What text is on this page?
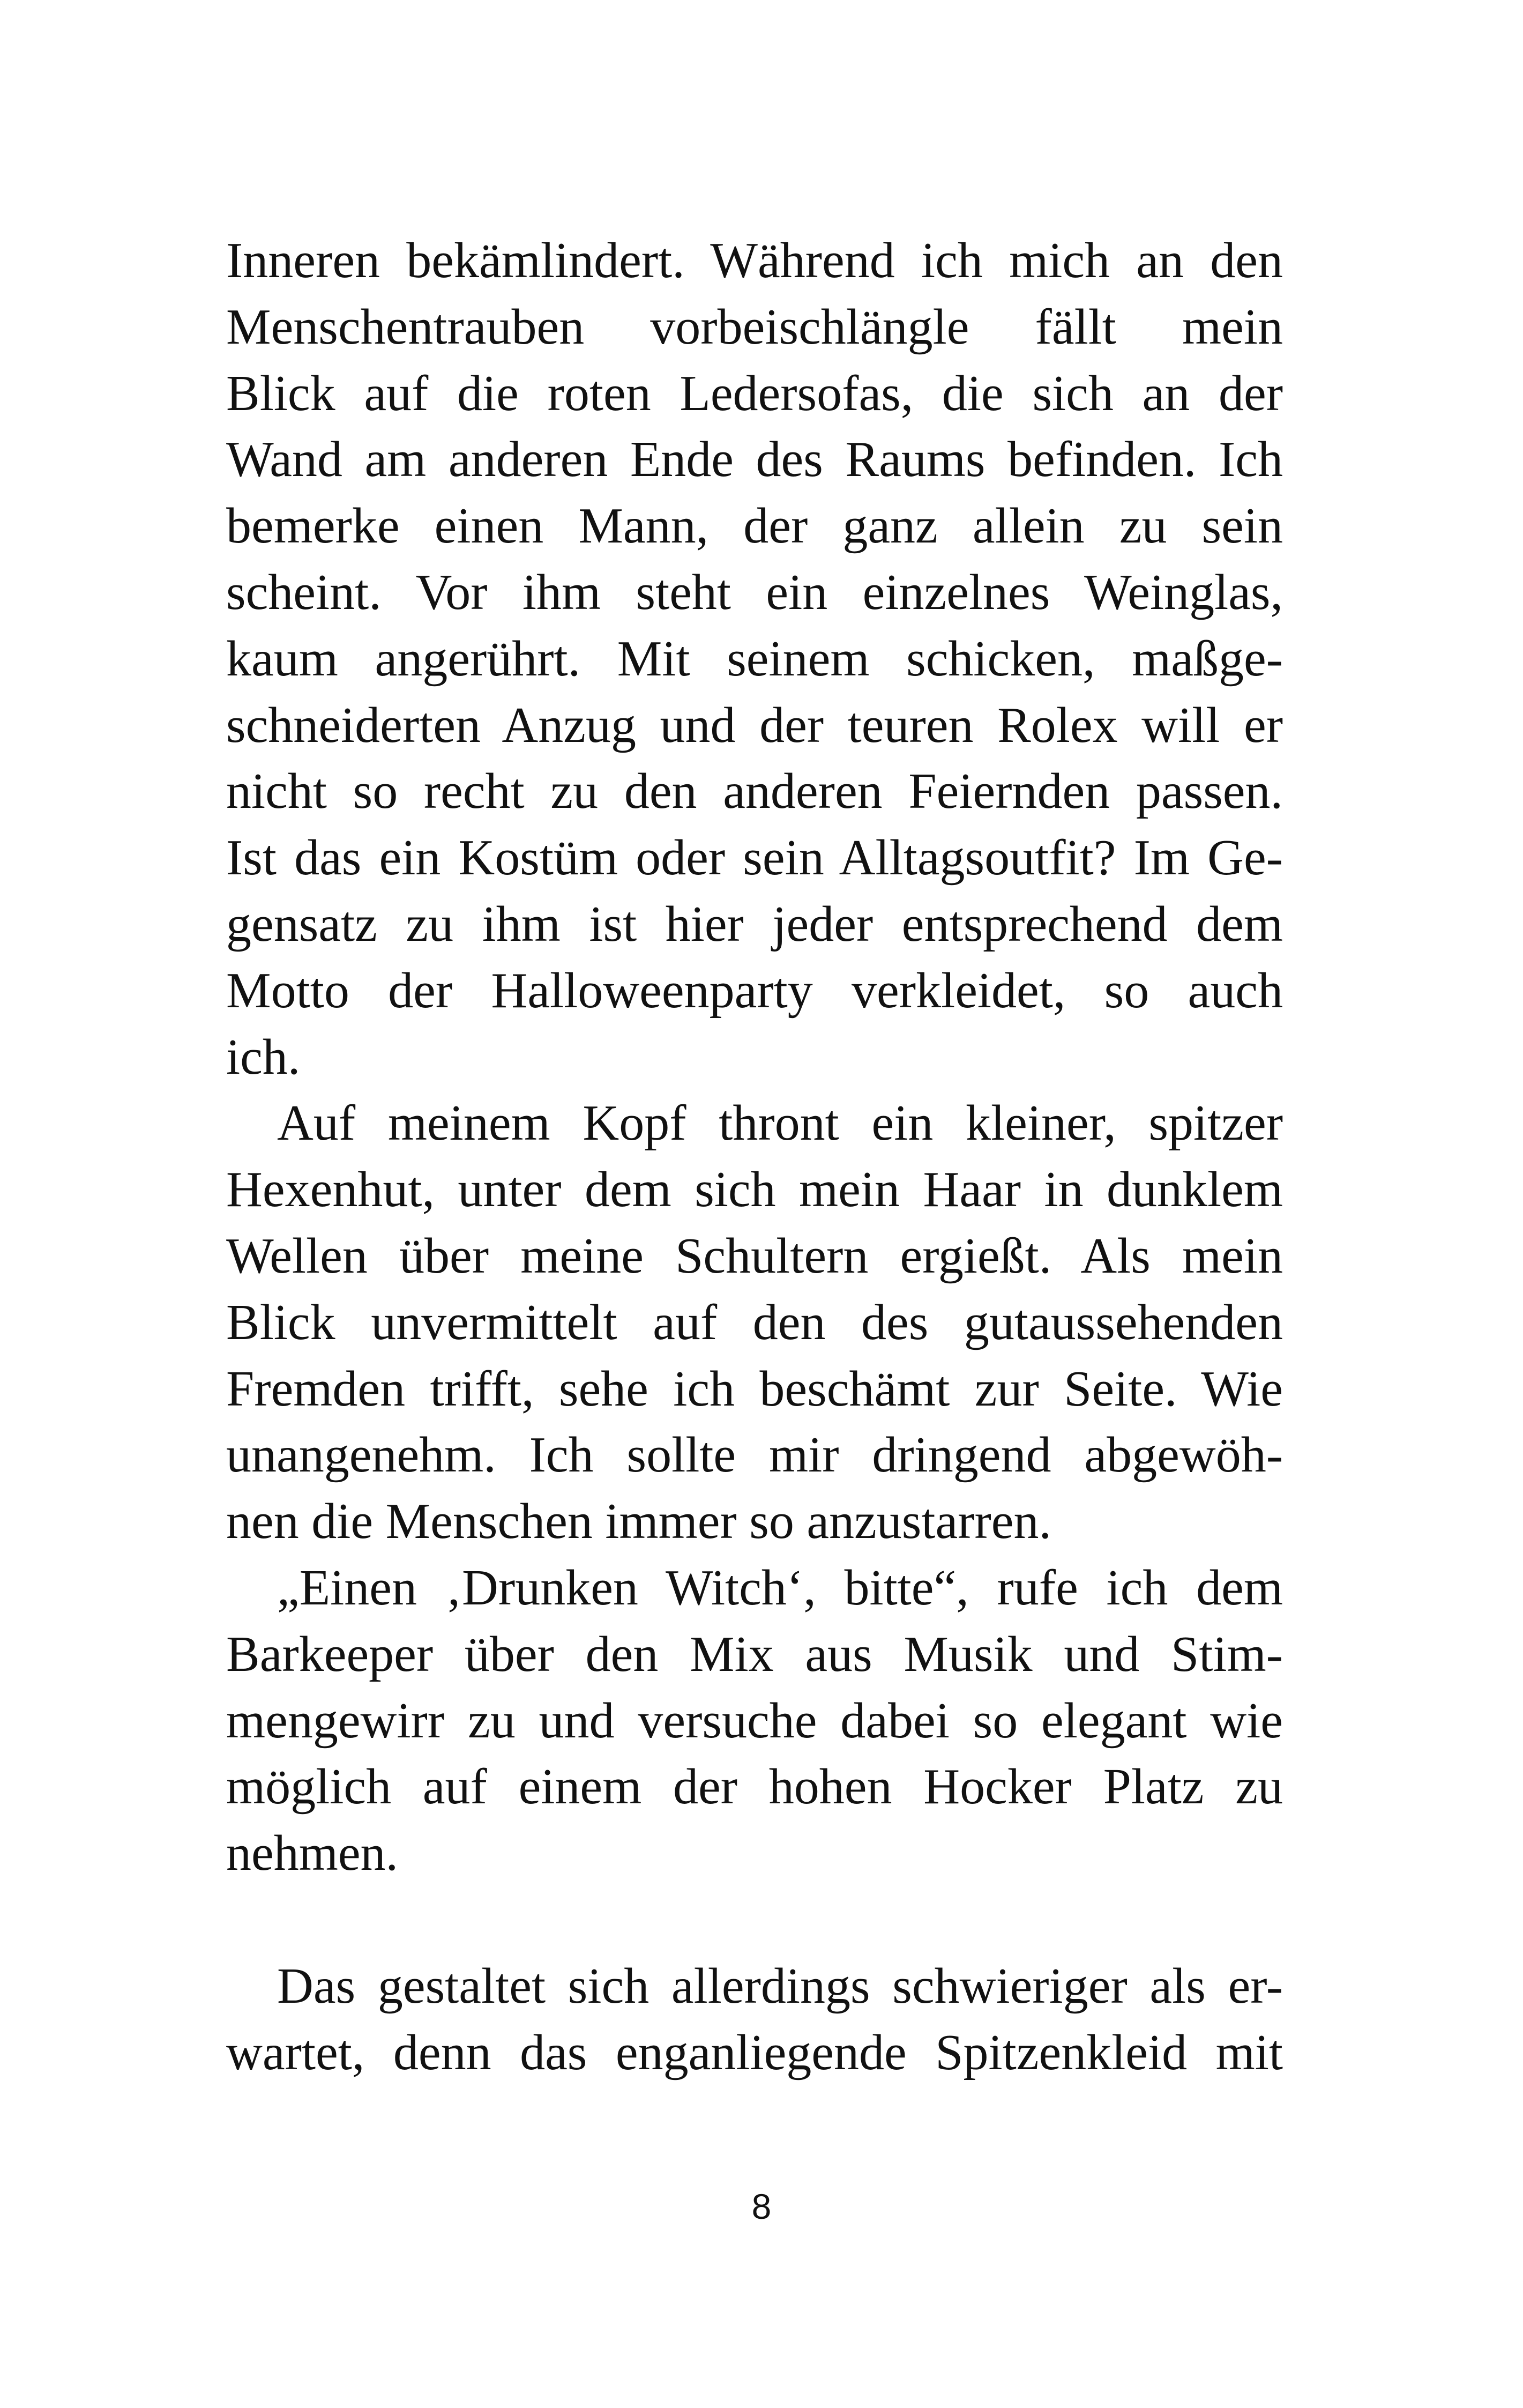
Inneren bekämlindert. Während ich mich an den
Menschentrauben vorbeischlängle fällt mein
Blick auf die roten Ledersofas, die sich an der
Wand am anderen Ende des Raums befinden. Ich
bemerke einen Mann, der ganz allein zu sein
scheint. Vor ihm steht ein einzelnes Weinglas,
kaum angerührt. Mit seinem schicken, maßge-
schneiderten Anzug und der teuren Rolex will er
nicht so recht zu den anderen Feiernden passen.
Ist das ein Kostüm oder sein Alltagsoutfit? Im Ge-
gensatz zu ihm ist hier jeder entsprechend dem
Motto der Halloweenparty verkleidet, so auch
ich.

Auf meinem Kopf thront ein kleiner, spitzer
Hexenhut, unter dem sich mein Haar in dunklem
Wellen über meine Schultern ergießt. Als mein
Blick unvermittelt auf den des gutaussehenden
Fremden trifft, sehe ich beschämt zur Seite. Wie
unangenehm. Ich sollte mir dringend abgewöh-
nen die Menschen immer so anzustarren.

„Einen ‚Drunken Witch‘, bitte“, rufe ich dem
Barkeeper über den Mix aus Musik und Stim-
mengewirr zu und versuche dabei so elegant wie
möglich auf einem der hohen Hocker Platz zu
nehmen.

Das gestaltet sich allerdings schwieriger als er-
wartet, denn das enganliegende Spitzenkleid mit

8
